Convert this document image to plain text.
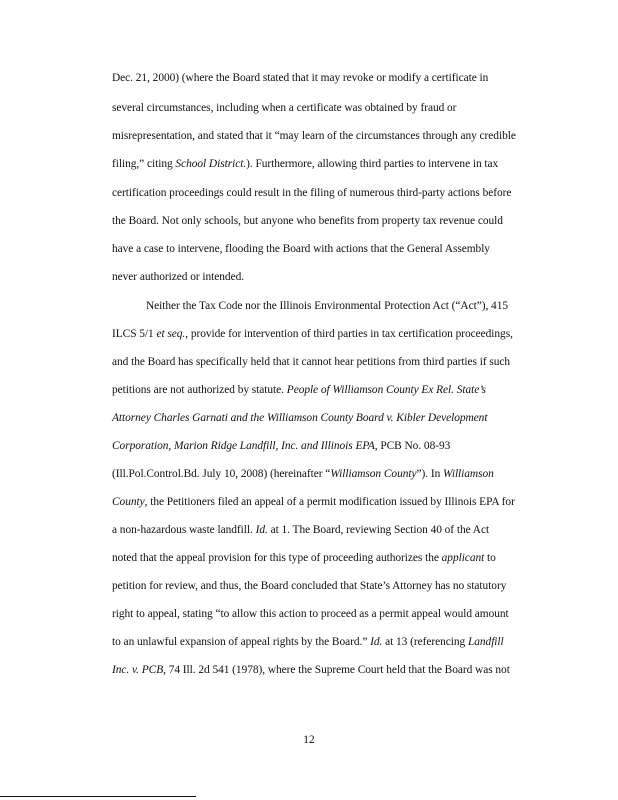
Dec. 21, 2000) (where the Board stated that it may revoke or modify a certificate in
several circumstances, including when a certificate was obtained by fraud or
misrepresentation, and stated that it “may learn of the circumstances through any credible
filing,” citing School District.). Furthermore, allowing third parties to intervene in tax
certification proceedings could result in the filing of numerous third-party actions before
the Board. Not only schools, but anyone who benefits from property tax revenue could
have a case to intervene, flooding the Board with actions that the General Assembly
never authorized or intended.
Neither the Tax Code nor the Illinois Environmental Protection Act (“Act”), 415
ILCS 5/1 et seq., provide for intervention of third parties in tax certification proceedings,
and the Board has specifically held that it cannot hear petitions from third parties if such
petitions are not authorized by statute. People of Williamson County Ex Rel. State’s
Attorney Charles Garnati and the Williamson County Board v. Kibler Development
Corporation, Marion Ridge Landfill, Inc. and Illinois EPA, PCB No. 08-93
(Ill.Pol.Control.Bd. July 10, 2008) (hereinafter “Williamson County”). In Williamson
County, the Petitioners filed an appeal of a permit modification issued by Illinois EPA for
a non-hazardous waste landfill. Id. at 1. The Board, reviewing Section 40 of the Act
noted that the appeal provision for this type of proceeding authorizes the applicant to
petition for review, and thus, the Board concluded that State’s Attorney has no statutory
right to appeal, stating “to allow this action to proceed as a permit appeal would amount
to an unlawful expansion of appeal rights by the Board.” Id. at 13 (referencing Landfill
Inc. v. PCB, 74 Ill. 2d 541 (1978), where the Supreme Court held that the Board was not
12
